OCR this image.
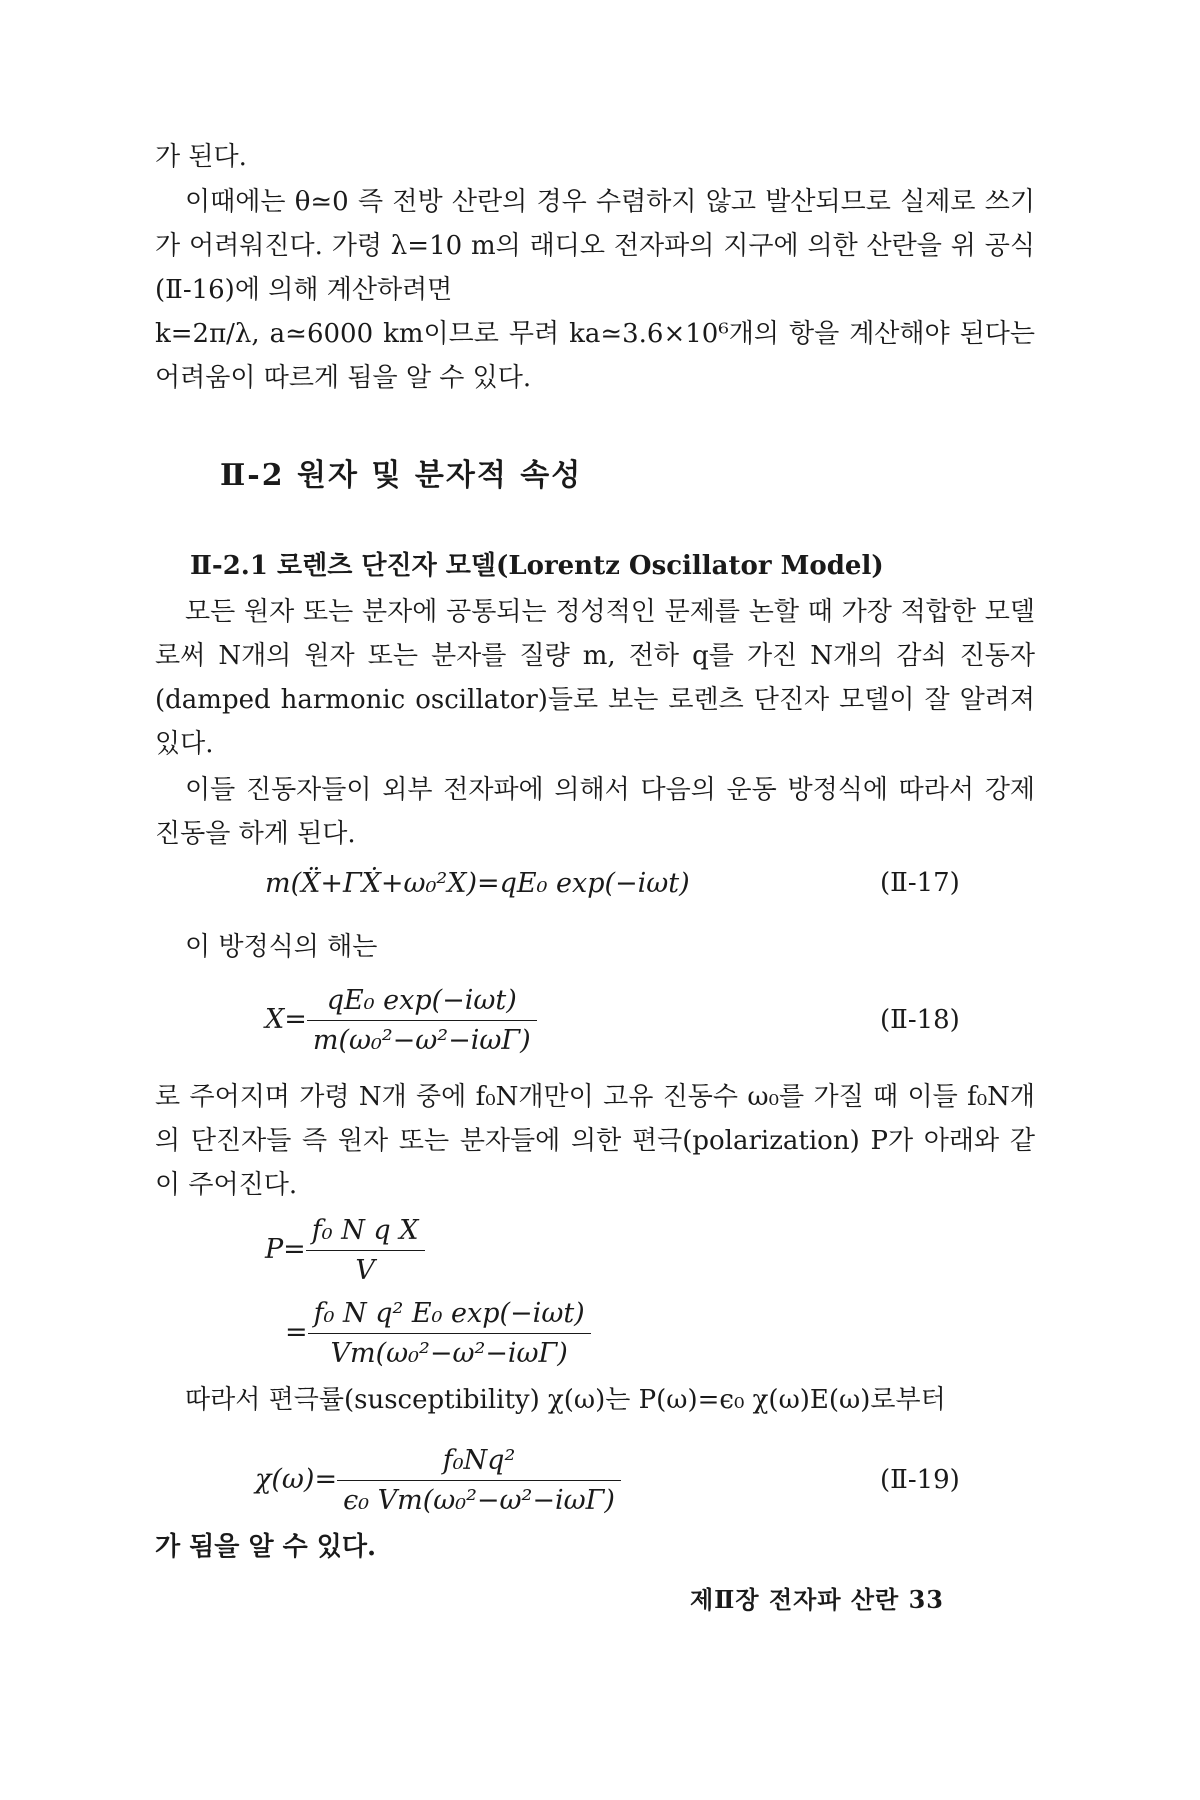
가 된다.

이때에는 θ≃0 즉 전방 산란의 경우 수렴하지 않고 발산되므로 실제로 쓰기가 어려워진다. 가령 λ=10 m의 래디오 전자파의 지구에 의한 산란을 위 공식 (Ⅱ-16)에 의해 계산하려면

k=2π/λ, a≃6000 km이므로 무려 ka≃3.6×10⁶개의 항을 계산해야 된다는 어려움이 따르게 됨을 알 수 있다.

Ⅱ-2 원자 및 분자적 속성
Ⅱ-2.1 로렌츠 단진자 모델(Lorentz Oscillator Model)

모든 원자 또는 분자에 공통되는 정성적인 문제를 논할 때 가장 적합한 모델로써 N개의 원자 또는 분자를 질량 m, 전하 q를 가진 N개의 감쇠 진동자(damped harmonic oscillator)들로 보는 로렌츠 단진자 모델이 잘 알려져 있다.

이들 진동자들이 외부 전자파에 의해서 다음의 운동 방정식에 따라서 강제진동을 하게 된다.

m(Ẍ+ΓẊ+ω₀²X)=qE₀ exp(−iωt)	(Ⅱ-17)

이 방정식의 해는

$X= \frac{\text{qE₀ exp(−iωt)}}{\text{m(ω₀²−ω²−iωΓ)}}$	(Ⅱ-18)

로 주어지며 가령 N개 중에 f₀N개만이 고유 진동수 ω₀를 가질 때 이들 f₀N개의 단진자들 즉 원자 또는 분자들에 의한 편극(polarization) P가 아래와 같이 주어진다.

$P= \frac{\text{f₀ N q X}}{V}$
= $\frac{\text{f₀ N q² E₀ exp(−iωt)}}{\text{Vm(ω₀²−ω²−iωΓ)}}$

따라서 편극률(susceptibility) χ(ω)는 P(ω)=ϵ₀ χ(ω)E(ω)로부터

$\chi(\omega)= \frac{\text{f₀Nq²}}{\text{ϵ₀ Vm(ω₀²−ω²−iωΓ)}}$	(Ⅱ-19)

가 됨을 알 수 있다.

제Ⅱ장 전자파 산란 33
